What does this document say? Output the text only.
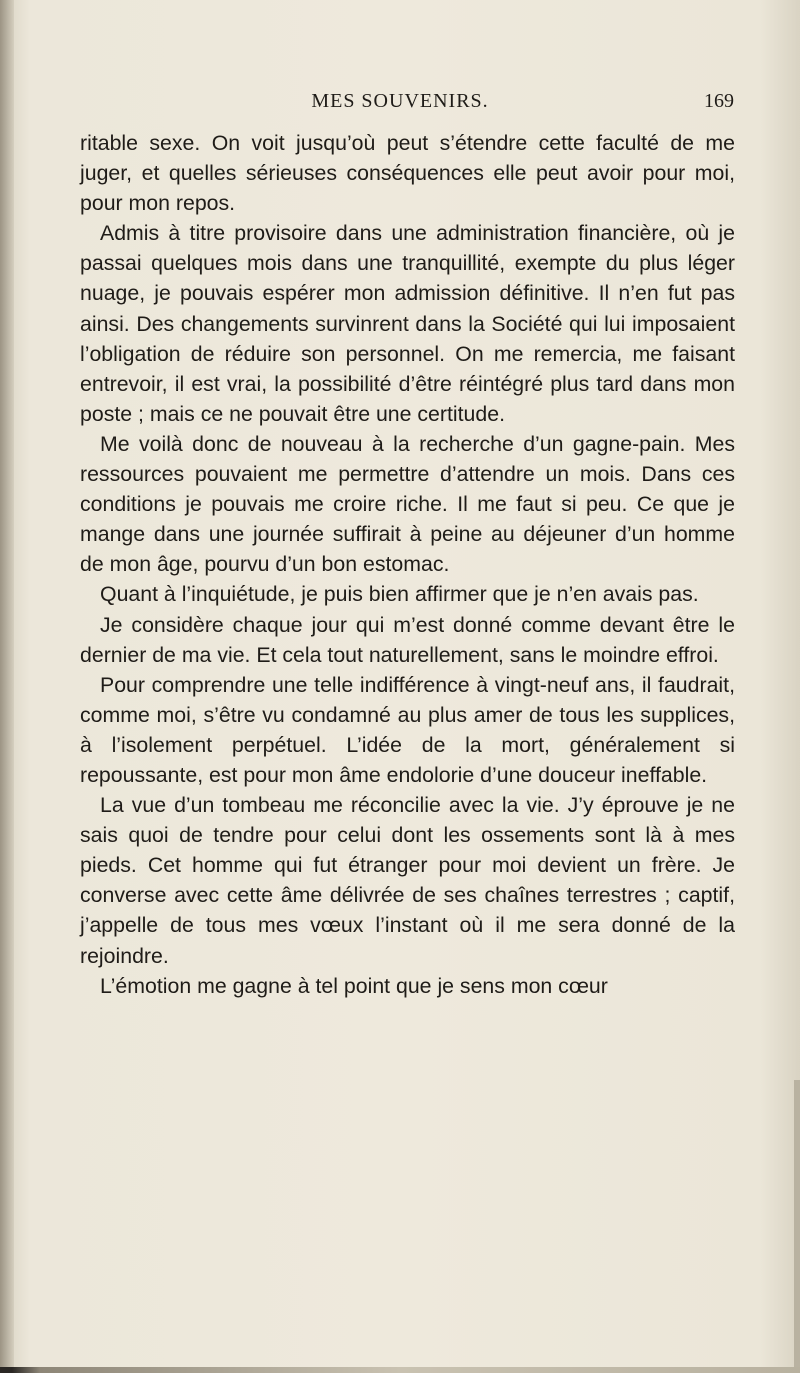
MES SOUVENIRS.	169

ritable sexe. On voit jusqu’où peut s’étendre cette faculté de me juger, et quelles sérieuses conséquences elle peut avoir pour moi, pour mon repos.

Admis à titre provisoire dans une administration financière, où je passai quelques mois dans une tranquillité, exempte du plus léger nuage, je pouvais espérer mon admission définitive. Il n’en fut pas ainsi. Des changements survinrent dans la Société qui lui imposaient l’obligation de réduire son personnel. On me remercia, me faisant entrevoir, il est vrai, la possibilité d’être réintégré plus tard dans mon poste ; mais ce ne pouvait être une certitude.

Me voilà donc de nouveau à la recherche d’un gagne-pain. Mes ressources pouvaient me permettre d’attendre un mois. Dans ces conditions je pouvais me croire riche. Il me faut si peu. Ce que je mange dans une journée suffirait à peine au déjeuner d’un homme de mon âge, pourvu d’un bon estomac.

Quant à l’inquiétude, je puis bien affirmer que je n’en avais pas.

Je considère chaque jour qui m’est donné comme devant être le dernier de ma vie. Et cela tout naturellement, sans le moindre effroi.

Pour comprendre une telle indifférence à vingt-neuf ans, il faudrait, comme moi, s’être vu condamné au plus amer de tous les supplices, à l’isolement perpétuel. L’idée de la mort, généralement si repoussante, est pour mon âme endolorie d’une douceur ineffable.

La vue d’un tombeau me réconcilie avec la vie. J’y éprouve je ne sais quoi de tendre pour celui dont les ossements sont là à mes pieds. Cet homme qui fut étranger pour moi devient un frère. Je converse avec cette âme délivrée de ses chaînes terrestres ; captif, j’appelle de tous mes vœux l’instant où il me sera donné de la rejoindre.

L’émotion me gagne à tel point que je sens mon cœur
